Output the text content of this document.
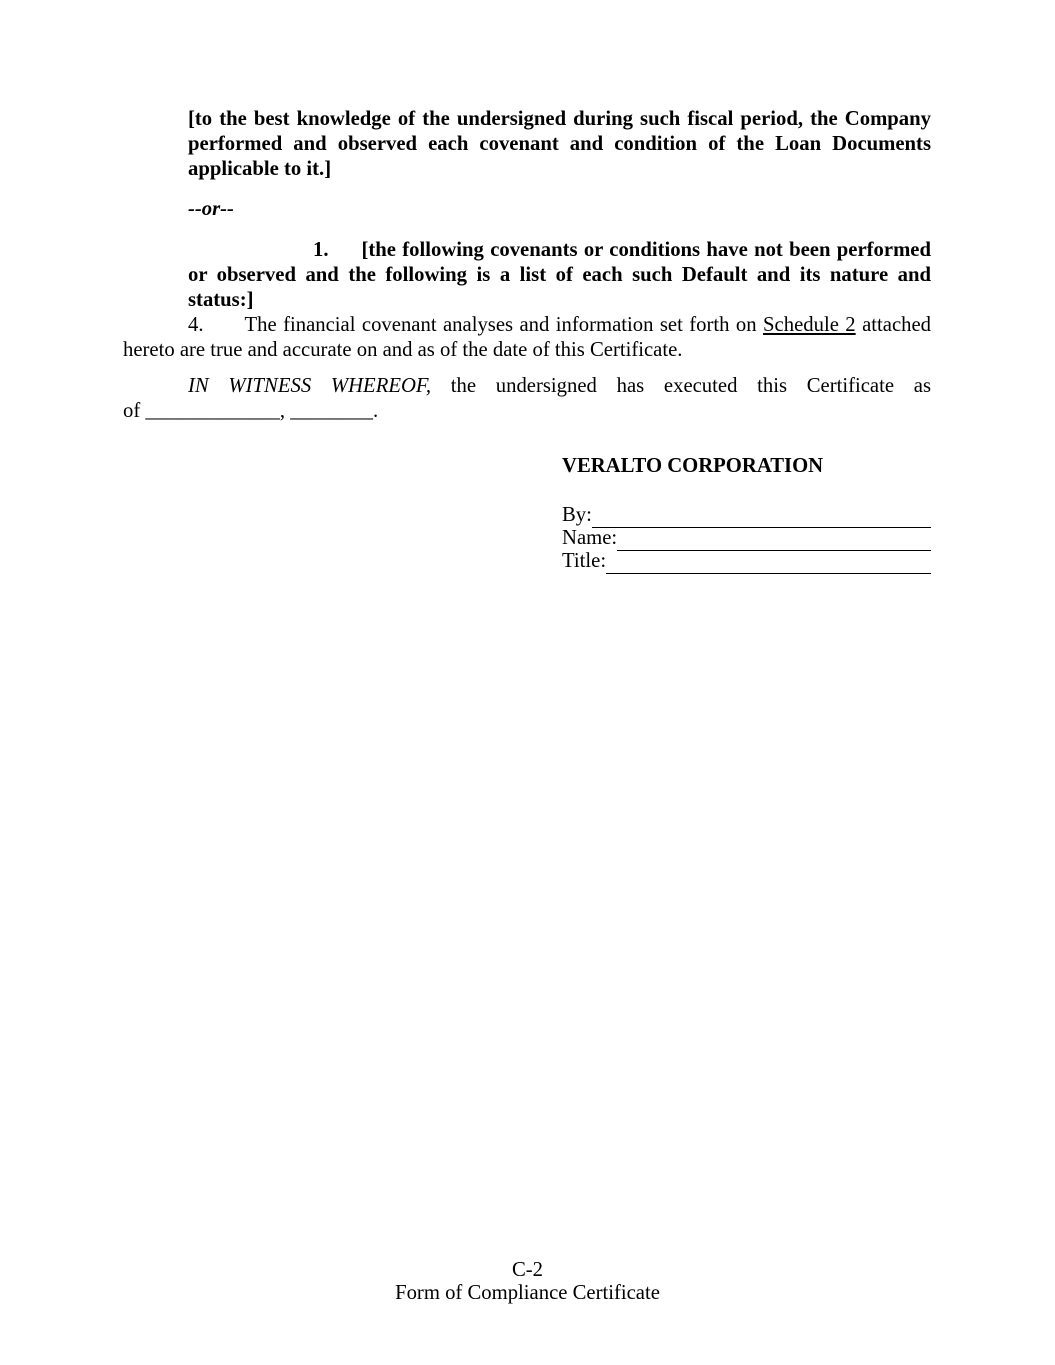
[to the best knowledge of the undersigned during such fiscal period, the Company performed and observed each covenant and condition of the Loan Documents applicable to it.]

--or--

1. [the following covenants or conditions have not been performed or observed and the following is a list of each such Default and its nature and status:]

4. The financial covenant analyses and information set forth on Schedule 2 attached hereto are true and accurate on and as of the date of this Certificate.

IN WITNESS WHEREOF, the undersigned has executed this Certificate as
of _____________, ________.
VERALTO CORPORATION
By:
Name:
Title:
C-2
Form of Compliance Certificate
